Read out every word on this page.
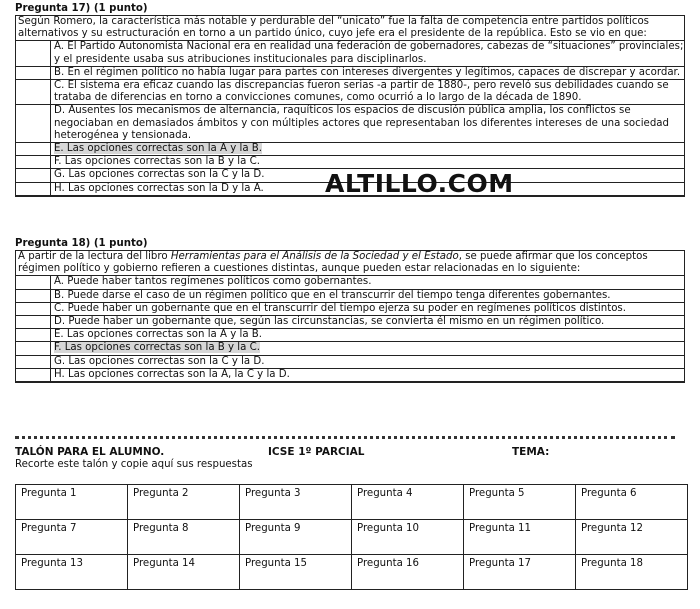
Pregunta 17) (1 punto)
Según Romero, la característica más notable y perdurable del “unicato” fue la falta de competencia entre partidos políticos alternativos y su estructuración en torno a un partido único, cuyo jefe era el presidente de la república. Esto se vio en que:
A. El Partido Autonomista Nacional era en realidad una federación de gobernadores, cabezas de “situaciones” provinciales; y el presidente usaba sus atribuciones institucionales para disciplinarlos.
B. En el régimen político no había lugar para partes con intereses divergentes y legítimos, capaces de discrepar y acordar.
C. El sistema era eficaz cuando las discrepancias fueron serias -a partir de 1880-, pero reveló sus debilidades cuando se trataba de diferencias en torno a convicciones comunes, como ocurrió a lo largo de la década de 1890.
D. Ausentes los mecanismos de alternancia, raquíticos los espacios de discusión pública amplia, los conflictos se negociaban en demasiados ámbitos y con múltiples actores que representaban los diferentes intereses de una sociedad heterogénea y tensionada.
E. Las opciones correctas son la A y la B.
F. Las opciones correctas son la B y la C.
G. Las opciones correctas son la C y la D.
H. Las opciones correctas son la D y la A.	ALTILLO.COM
Pregunta 18) (1 punto)
A partir de la lectura del libro Herramientas para el Análisis de la Sociedad y el Estado, se puede afirmar que los conceptos régimen político y gobierno refieren a cuestiones distintas, aunque pueden estar relacionadas en lo siguiente:
A. Puede haber tantos regímenes políticos como gobernantes.
B. Puede darse el caso de un régimen político que en el transcurrir del tiempo tenga diferentes gobernantes.
C. Puede haber un gobernante que en el transcurrir del tiempo ejerza su poder en regímenes políticos distintos.
D. Puede haber un gobernante que, según las circunstancias, se convierta él mismo en un régimen político.
E. Las opciones correctas son la A y la B.
F. Las opciones correctas son la B y la C.
G. Las opciones correctas son la C y la D.
H. Las opciones correctas son la A, la C y la D.
TALÓN PARA EL ALUMNO.	ICSE 1º PARCIAL	TEMA:
Recorte este talón y copie aquí sus respuestas
Pregunta 1	Pregunta 2	Pregunta 3	Pregunta 4	Pregunta 5	Pregunta 6
Pregunta 7	Pregunta 8	Pregunta 9	Pregunta 10	Pregunta 11	Pregunta 12
Pregunta 13	Pregunta 14	Pregunta 15	Pregunta 16	Pregunta 17	Pregunta 18
